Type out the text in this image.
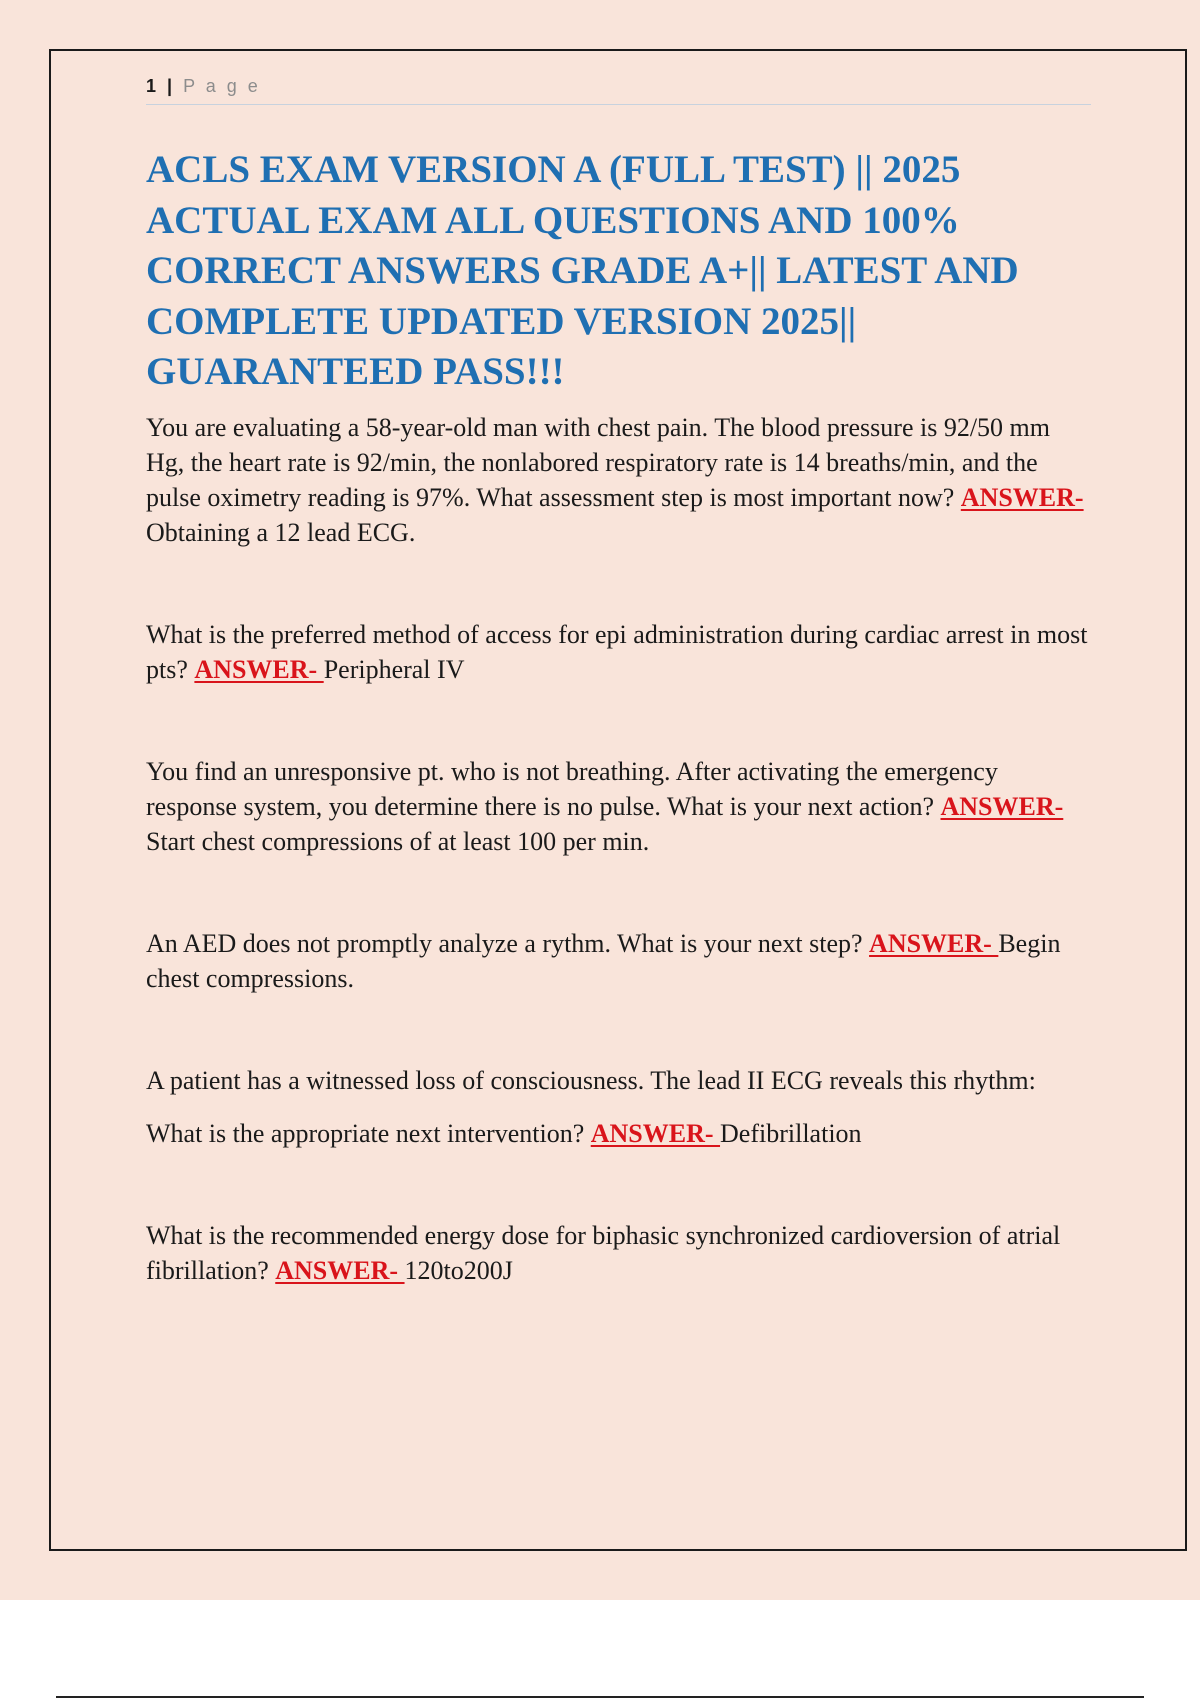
1 | P a g e
ACLS EXAM VERSION A (FULL TEST) || 2025 ACTUAL EXAM ALL QUESTIONS AND 100% CORRECT ANSWERS GRADE A+|| LATEST AND COMPLETE UPDATED VERSION 2025|| GUARANTEED PASS!!!

You are evaluating a 58-year-old man with chest pain. The blood pressure is 92/50 mm Hg, the heart rate is 92/min, the nonlabored respiratory rate is 14 breaths/min, and the pulse oximetry reading is 97%. What assessment step is most important now? ANSWER- Obtaining a 12 lead ECG.

What is the preferred method of access for epi administration during cardiac arrest in most pts? ANSWER- Peripheral IV

You find an unresponsive pt. who is not breathing. After activating the emergency response system, you determine there is no pulse. What is your next action? ANSWER- Start chest compressions of at least 100 per min.

An AED does not promptly analyze a rythm. What is your next step? ANSWER- Begin chest compressions.

A patient has a witnessed loss of consciousness. The lead II ECG reveals this rhythm:

What is the appropriate next intervention? ANSWER- Defibrillation

What is the recommended energy dose for biphasic synchronized cardioversion of atrial fibrillation? ANSWER- 120to200J
